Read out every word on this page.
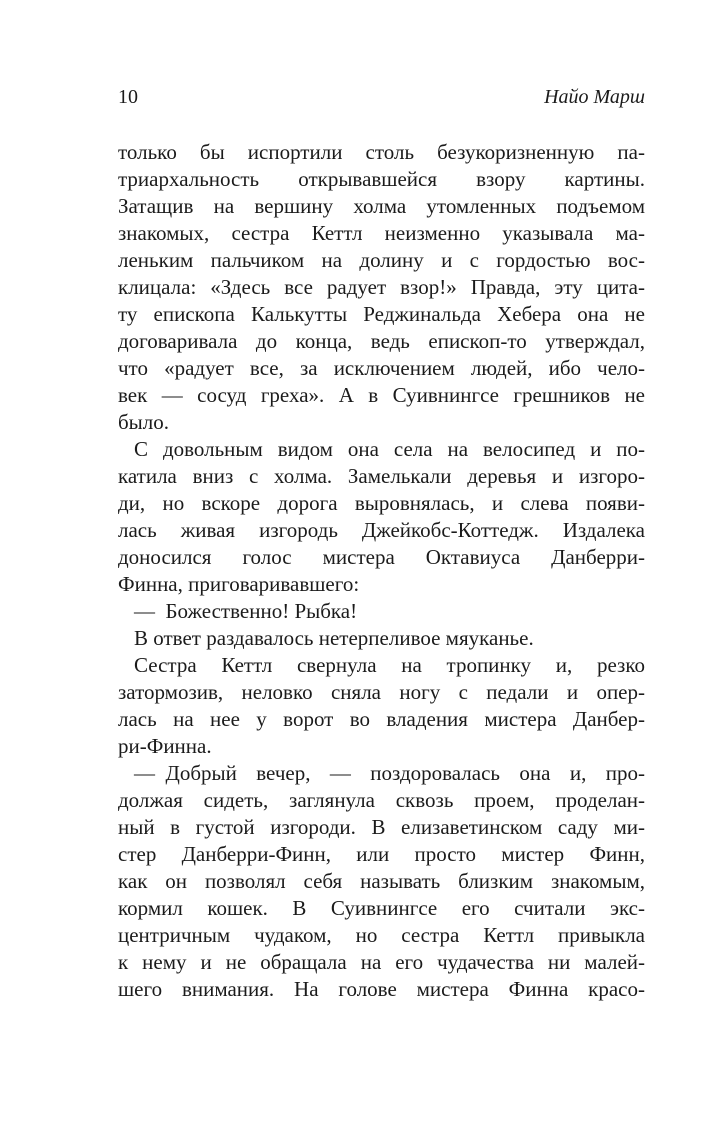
10	Найо Марш
только бы испортили столь безукоризненную па-
триархальность открывавшейся взору картины.
Затащив на вершину холма утомленных подъемом
знакомых, сестра Кеттл неизменно указывала ма-
леньким пальчиком на долину и с гордостью вос-
клицала: «Здесь все радует взор!» Правда, эту цита-
ту епископа Калькутты Реджинальда Хебера она не
договаривала до конца, ведь епископ-то утверждал,
что «радует все, за исключением людей, ибо чело-
век — сосуд греха». А в Суивнингсе грешников не
было.
С довольным видом она села на велосипед и по-
катила вниз с холма. Замелькали деревья и изгоро-
ди, но вскоре дорога выровнялась, и слева появи-
лась живая изгородь Джейкобс-Коттедж. Издалека
доносился голос мистера Октавиуса Данберри-
Финна, приговаривавшего:
— Божественно! Рыбка!
В ответ раздавалось нетерпеливое мяуканье.
Сестра Кеттл свернула на тропинку и, резко
затормозив, неловко сняла ногу с педали и опер-
лась на нее у ворот во владения мистера Данбер-
ри-Финна.
— Добрый вечер, — поздоровалась она и, про-
должая сидеть, заглянула сквозь проем, проделан-
ный в густой изгороди. В елизаветинском саду ми-
стер Данберри-Финн, или просто мистер Финн,
как он позволял себя называть близким знакомым,
кормил кошек. В Суивнингсе его считали экс-
центричным чудаком, но сестра Кеттл привыкла
к нему и не обращала на его чудачества ни малей-
шего внимания. На голове мистера Финна красо-
